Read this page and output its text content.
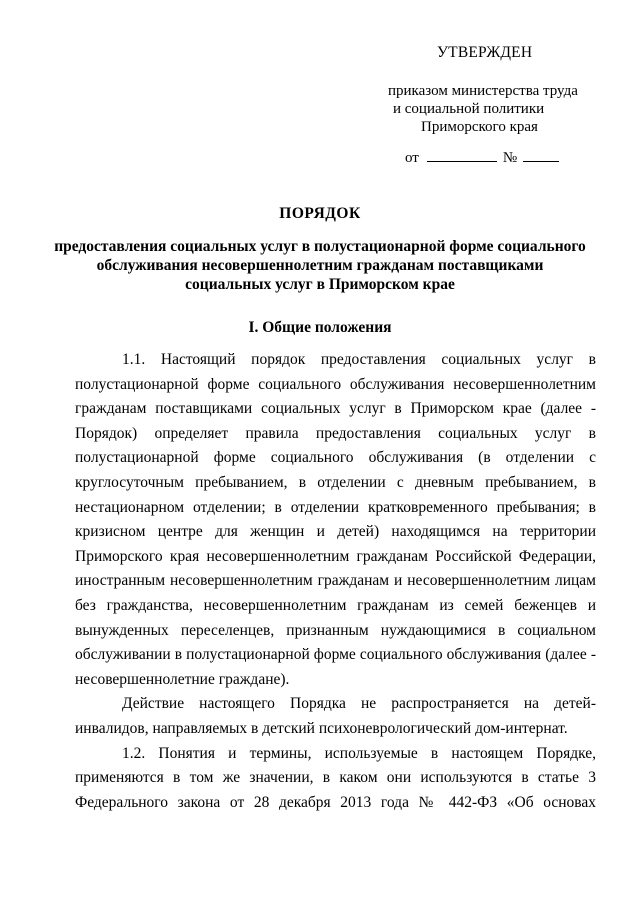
УТВЕРЖДЕН
приказом министерства труда
и социальной политики
Приморского края
от	№
ПОРЯДОК
предоставления социальных услуг в полустационарной форме социального
обслуживания несовершеннолетним гражданам поставщиками
социальных услуг в Приморском крае
I. Общие положения

1.1. Настоящий порядок предоставления социальных услуг в полустационарной форме социального обслуживания несовершеннолетним гражданам поставщиками социальных услуг в Приморском крае (далее - Порядок) определяет правила предоставления социальных услуг в полустационарной форме социального обслуживания (в отделении с круглосуточным пребыванием, в отделении с дневным пребыванием, в нестационарном отделении; в отделении кратковременного пребывания; в кризисном центре для женщин и детей) находящимся на территории Приморского края несовершеннолетним гражданам Российской Федерации, иностранным несовершеннолетним гражданам и несовершеннолетним лицам без гражданства, несовершеннолетним гражданам из семей беженцев и вынужденных переселенцев, признанным нуждающимися в социальном обслуживании в полустационарной форме социального обслуживания (далее - несовершеннолетние граждане).

Действие настоящего Порядка не распространяется на детей-инвалидов, направляемых в детский психоневрологический дом-интернат.

1.2. Понятия и термины, используемые в настоящем Порядке, применяются в том же значении, в каком они используются в статье 3 Федерального закона от 28 декабря 2013 года № 442-ФЗ «Об основах
